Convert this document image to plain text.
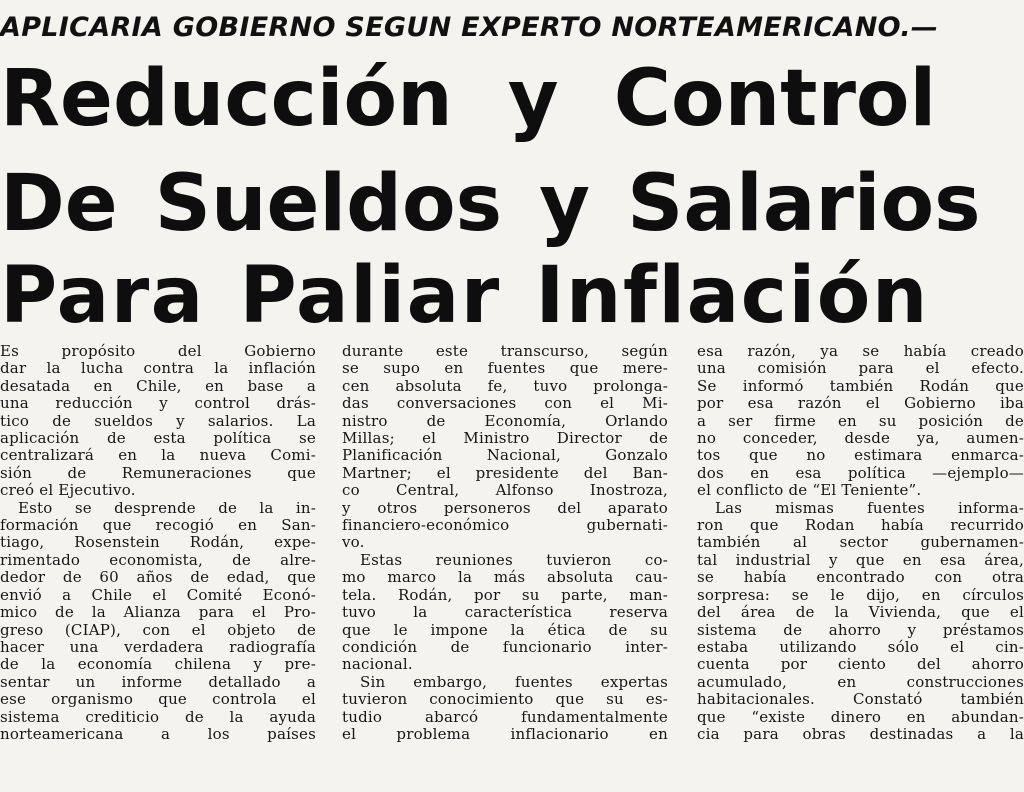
APLICARIA GOBIERNO SEGUN EXPERTO NORTEAMERICANO.—
Reducción y Control
De Sueldos y Salarios
Para Paliar Inflación
Es propósito del Gobierno
dar la lucha contra la inflación
desatada en Chile, en base a
una reducción y control drás-
tico de sueldos y salarios. La
aplicación de esta política se
centralizará en la nueva Comi-
sión de Remuneraciones que
creó el Ejecutivo.
Esto se desprende de la in-
formación que recogió en San-
tiago, Rosenstein Rodán, expe-
rimentado economista, de alre-
dedor de 60 años de edad, que
envió a Chile el Comité Econó-
mico de la Alianza para el Pro-
greso (CIAP), con el objeto de
hacer una verdadera radiografía
de la economía chilena y pre-
sentar un informe detallado a
ese organismo que controla el
sistema crediticio de la ayuda
norteamericana a los países
durante este transcurso, según
se supo en fuentes que mere-
cen absoluta fe, tuvo prolonga-
das conversaciones con el Mi-
nistro de Economía, Orlando
Millas; el Ministro Director de
Planificación Nacional, Gonzalo
Martner; el presidente del Ban-
co Central, Alfonso Inostroza,
y otros personeros del aparato
financiero-económico gubernati-
vo.
Estas reuniones tuvieron co-
mo marco la más absoluta cau-
tela. Rodán, por su parte, man-
tuvo la característica reserva
que le impone la ética de su
condición de funcionario inter-
nacional.
Sin embargo, fuentes expertas
tuvieron conocimiento que su es-
tudio abarcó fundamentalmente
el problema inflacionario en
esa razón, ya se había creado
una comisión para el efecto.
Se informó también Rodán que
por esa razón el Gobierno iba
a ser firme en su posición de
no conceder, desde ya, aumen-
tos que no estimara enmarca-
dos en esa política —ejemplo—
el conflicto de “El Teniente”.
Las mismas fuentes informa-
ron que Rodan había recurrido
también al sector gubernamen-
tal industrial y que en esa área,
se había encontrado con otra
sorpresa: se le dijo, en círculos
del área de la Vivienda, que el
sistema de ahorro y préstamos
estaba utilizando sólo el cin-
cuenta por ciento del ahorro
acumulado, en construcciones
habitacionales. Constató también
que “existe dinero en abundan-
cia para obras destinadas a la
